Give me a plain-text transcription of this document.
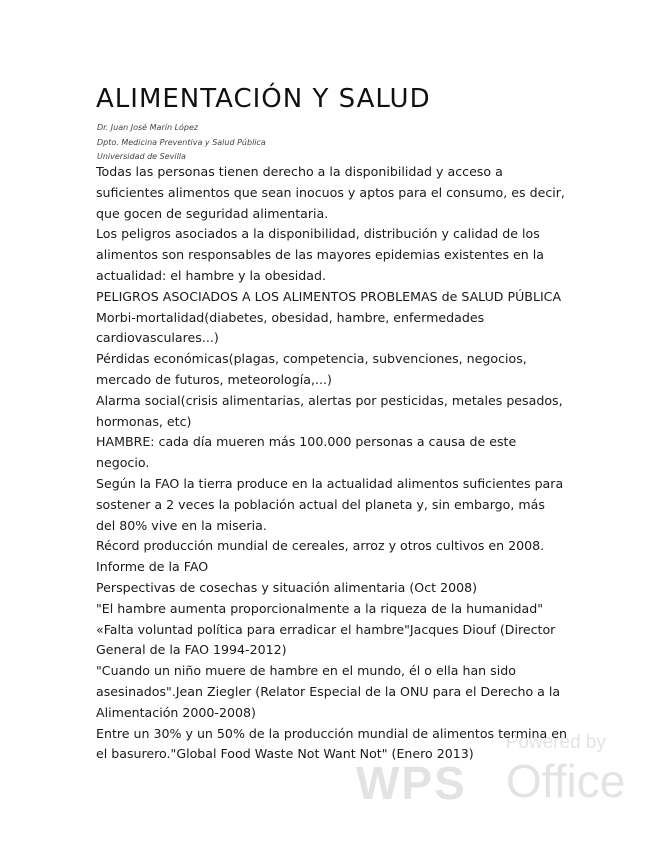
ALIMENTACIÓN Y SALUD
Dr. Juan José Marín López
Dpto. Medicina Preventiva y Salud Pública
Universidad de Sevilla

Todas las personas tienen derecho a la disponibilidad y acceso a suficientes alimentos que sean inocuos y aptos para el consumo, es decir, que gocen de seguridad alimentaria.

Los peligros asociados a la disponibilidad, distribución y calidad de los alimentos son responsables de las mayores epidemias existentes en la actualidad: el hambre y la obesidad.

PELIGROS ASOCIADOS A LOS ALIMENTOS PROBLEMAS de SALUD PÚBLICA

Morbi-mortalidad(diabetes, obesidad, hambre, enfermedades cardiovasculares...)

Pérdidas económicas(plagas, competencia, subvenciones, negocios, mercado de futuros, meteorología,...)

Alarma social(crisis alimentarias, alertas por pesticidas, metales pesados, hormonas, etc)

HAMBRE: cada día mueren más 100.000 personas a causa de este negocio.

Según la FAO la tierra produce en la actualidad alimentos suficientes para sostener a 2 veces la población actual del planeta y, sin embargo, más del 80% vive en la miseria.

Récord producción mundial de cereales, arroz y otros cultivos en 2008. Informe de la FAO

Perspectivas de cosechas y situación alimentaria (Oct 2008)

"El hambre aumenta proporcionalmente a la riqueza de la humanidad"

«Falta voluntad política para erradicar el hambre"Jacques Diouf (Director General de la FAO 1994-2012)

"Cuando un niño muere de hambre en el mundo, él o ella han sido asesinados".Jean Ziegler (Relator Especial de la ONU para el Derecho a la Alimentación 2000-2008)

Entre un 30% y un 50% de la producción mundial de alimentos termina en el basurero."Global Food Waste Not Want Not" (Enero 2013)

Powered by
WPS Office
